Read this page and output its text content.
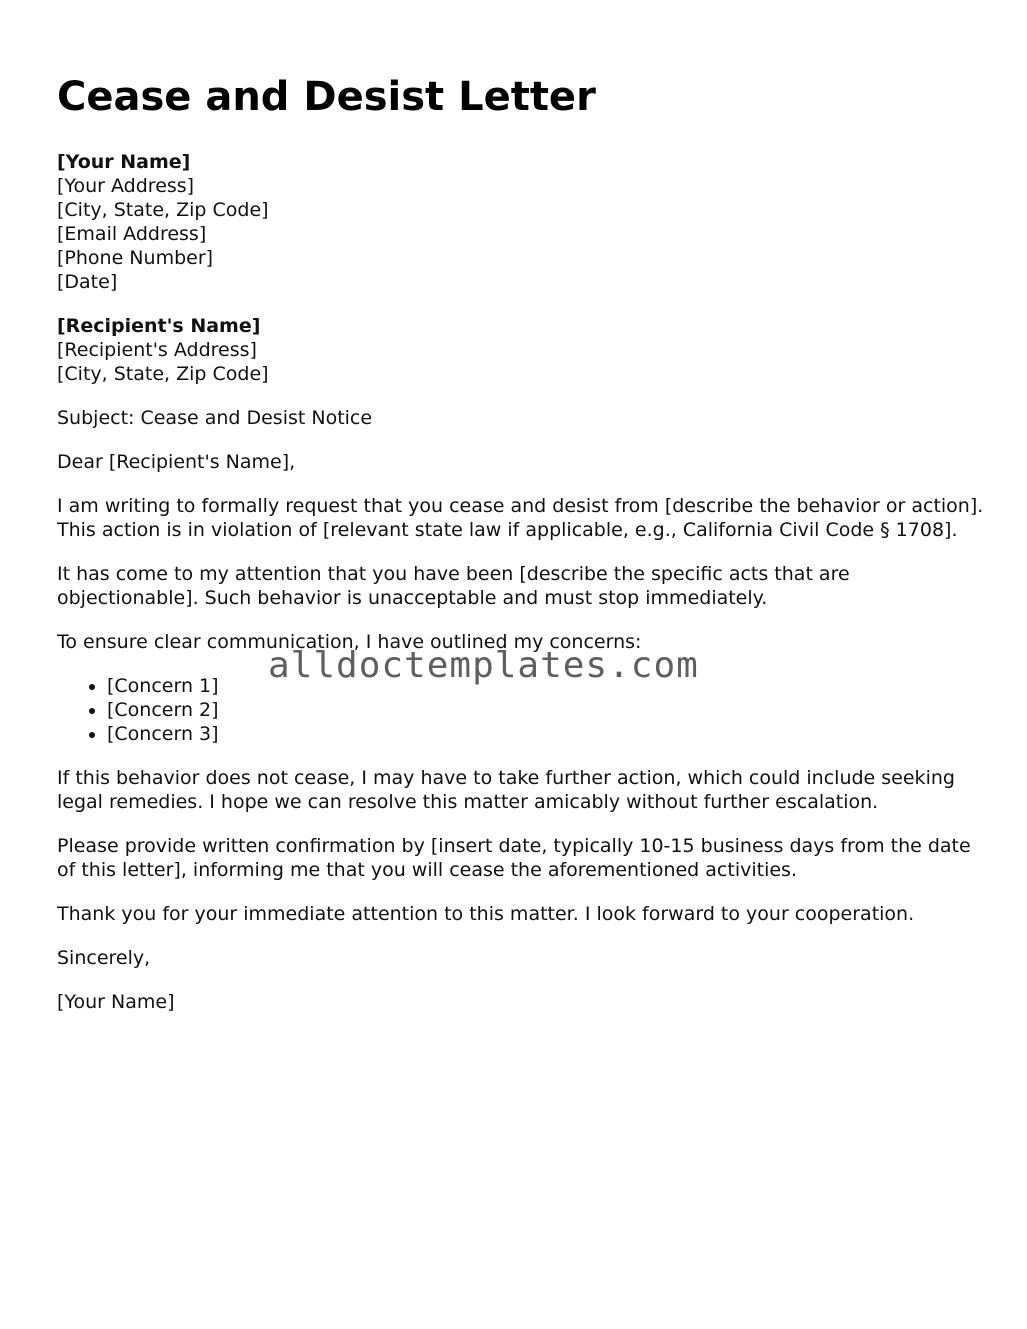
Cease and Desist Letter

[Your Name]
[Your Address]
[City, State, Zip Code]
[Email Address]
[Phone Number]
[Date]

[Recipient's Name]
[Recipient's Address]
[City, State, Zip Code]

Subject: Cease and Desist Notice

Dear [Recipient's Name],

I am writing to formally request that you cease and desist from [describe the behavior or action]. This action is in violation of [relevant state law if applicable, e.g., California Civil Code § 1708].

It has come to my attention that you have been [describe the specific acts that are objectionable]. Such behavior is unacceptable and must stop immediately.

To ensure clear communication, I have outlined my concerns:

• [Concern 1]
• [Concern 2]
• [Concern 3]

If this behavior does not cease, I may have to take further action, which could include seeking legal remedies. I hope we can resolve this matter amicably without further escalation.

Please provide written confirmation by [insert date, typically 10-15 business days from the date of this letter], informing me that you will cease the aforementioned activities.

Thank you for your immediate attention to this matter. I look forward to your cooperation.

Sincerely,

[Your Name]

alldoctemplates.com
